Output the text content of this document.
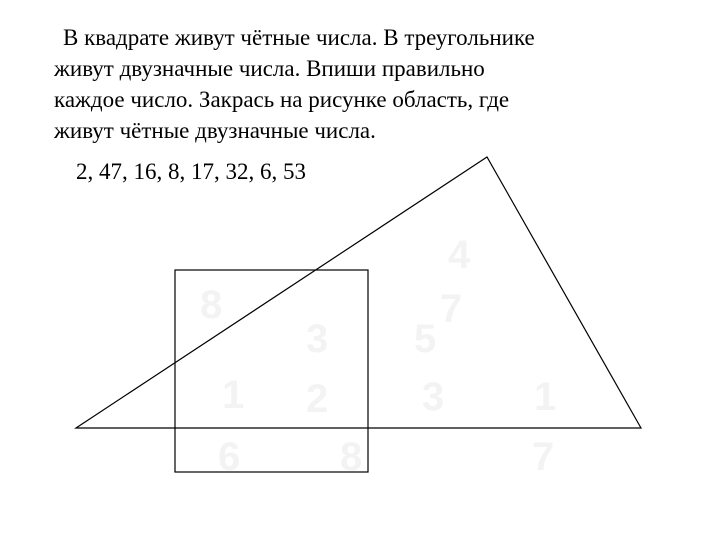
В квадрате живут чётные числа. В треугольнике
живут двузначные числа. Впиши правильно
каждое число. Закрась на рисунке область, где
живут чётные двузначные числа.

2, 47, 16, 8, 17, 32, 6, 53
4
7
8
3 5
1 2 3 1
6 8	7
